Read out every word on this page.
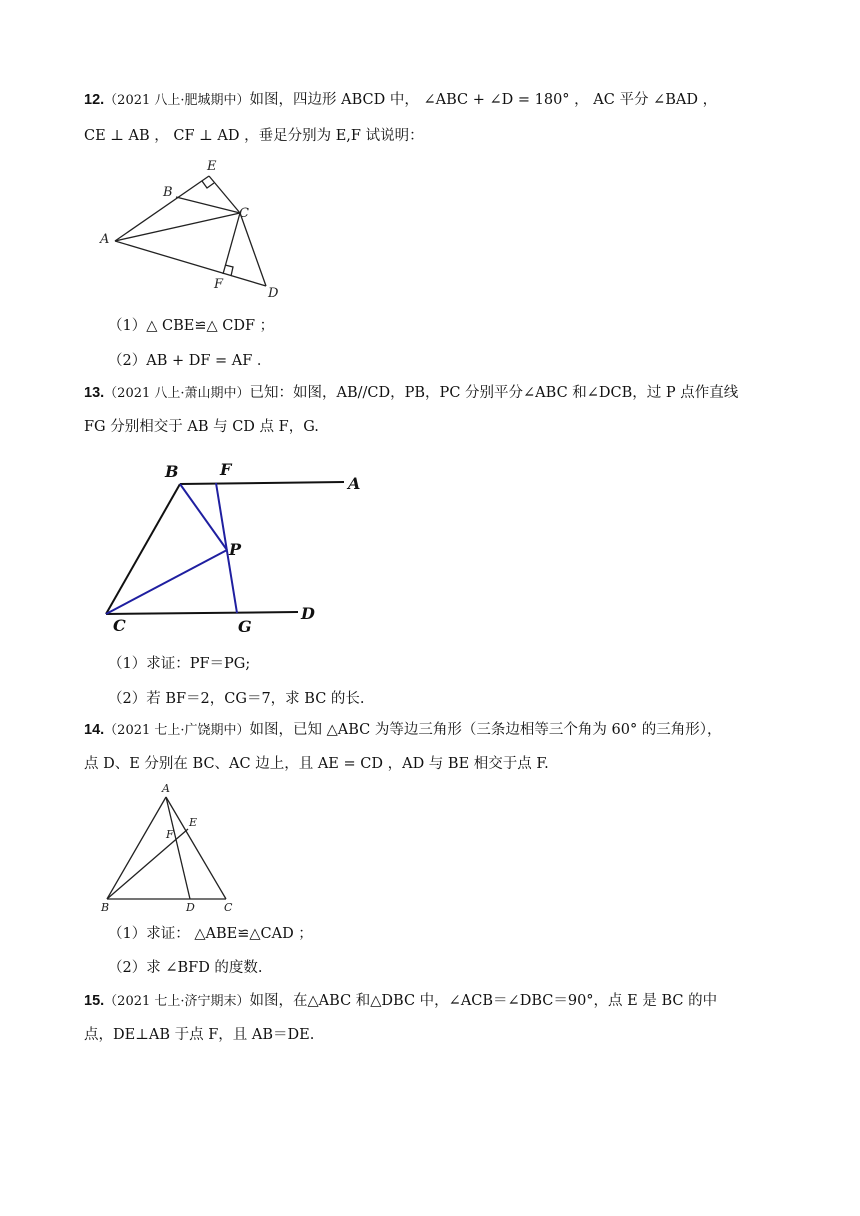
12.（2021 八上·肥城期中）如图，四边形 ABCD 中， ∠ABC + ∠D = 180° ， AC 平分 ∠BAD ，
CE ⊥ AB ， CF ⊥ AD ，垂足分别为 E,F 试说明：
E
B
C
A
F
D
（1）△ CBE≌△ CDF ；
（2）AB + DF = AF ．
13.（2021 八上·萧山期中）已知：如图，AB//CD，PB，PC 分别平分∠ABC 和∠DCB，过 P 点作直线
FG 分别相交于 AB 与 CD 点 F，G.
B	F
A
P
C	G
D
（1）求证：PF＝PG;
（2）若 BF＝2，CG＝7，求 BC 的长.
14.（2021 七上·广饶期中）如图，已知 △ABC 为等边三角形（三条边相等三个角为 60° 的三角形），
点 D、E 分别在 BC、AC 边上，且 AE = CD ，AD 与 BE 相交于点 F.
A
E
F
B	D	C
（1）求证： △ABE≌△CAD ；
（2）求 ∠BFD 的度数.
15.（2021 七上·济宁期末）如图，在△ABC 和△DBC 中，∠ACB＝∠DBC＝90°，点 E 是 BC 的中
点，DE⊥AB 于点 F，且 AB＝DE.
